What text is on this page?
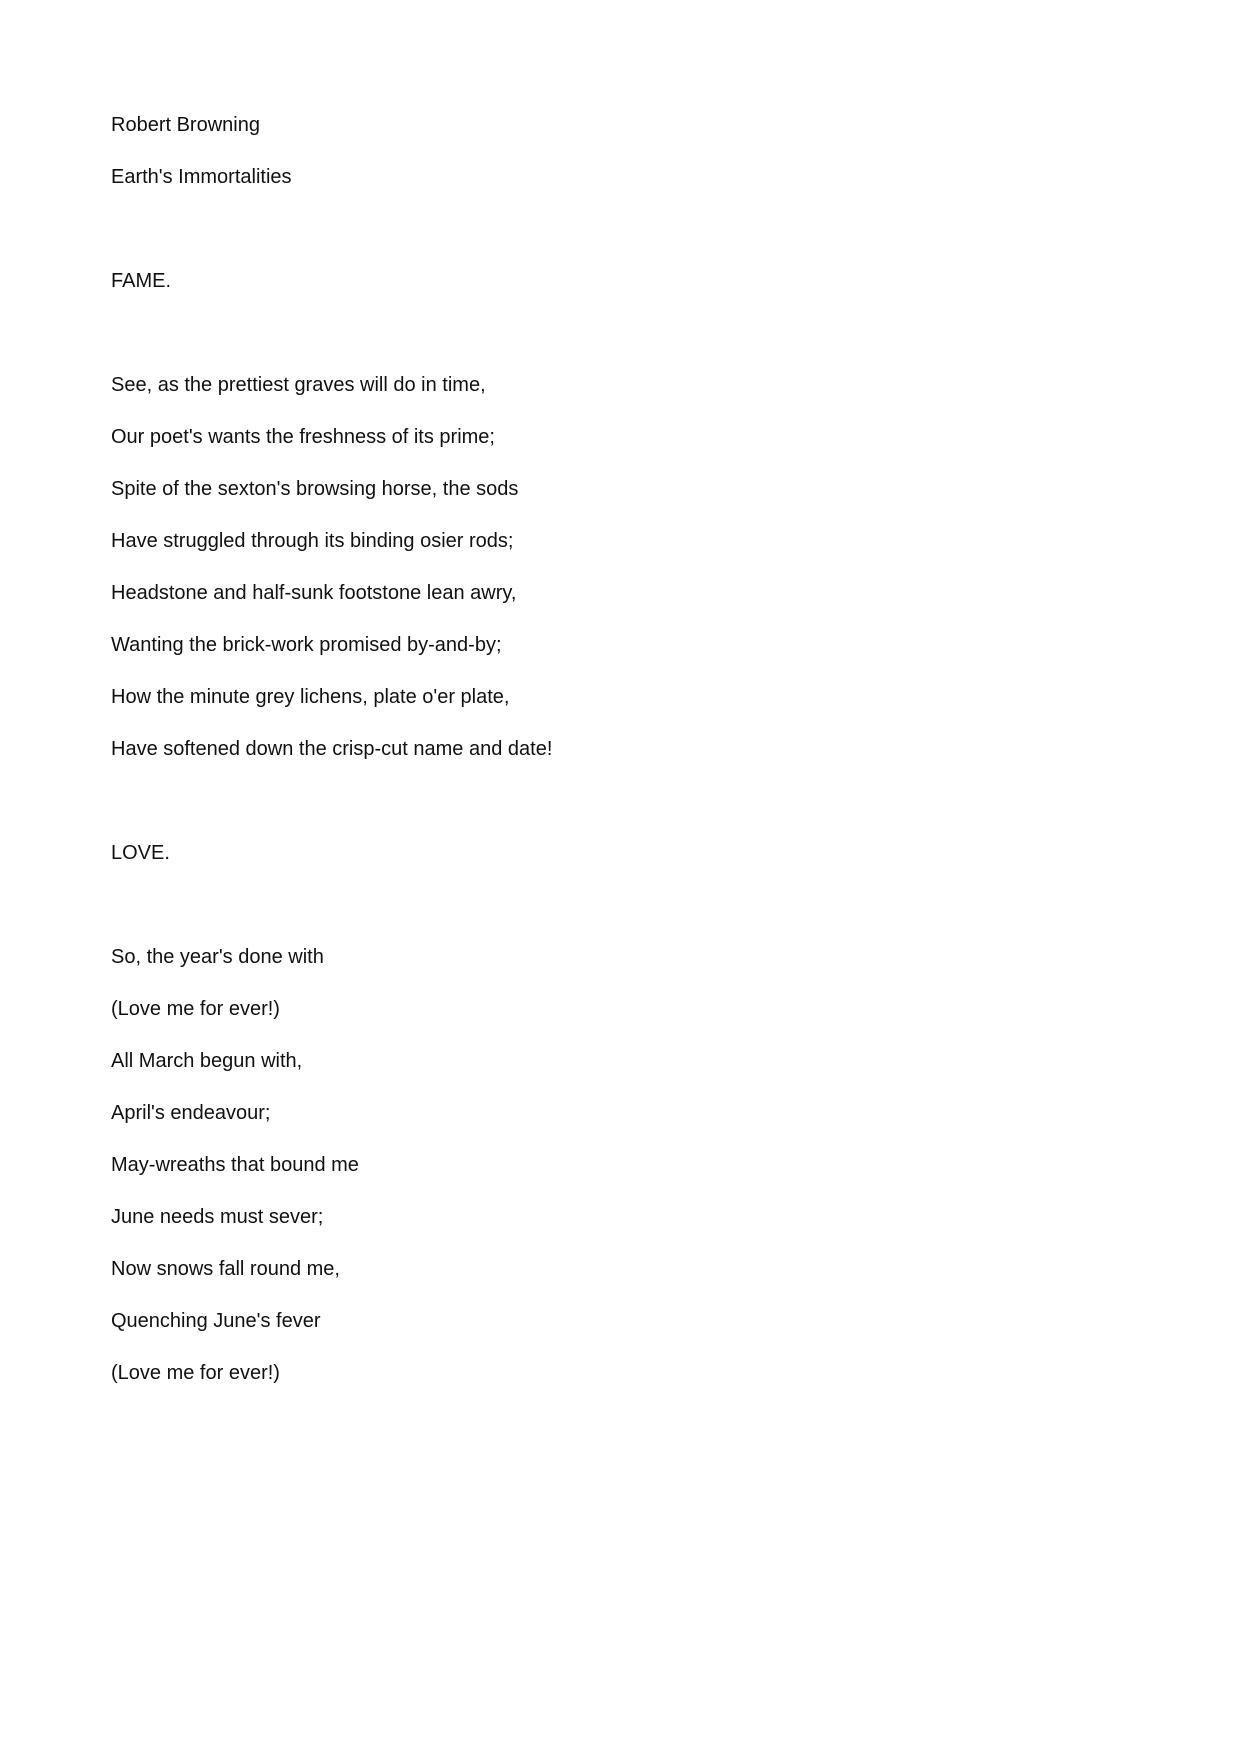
Robert Browning

Earth's Immortalities

FAME.

See, as the prettiest graves will do in time,

Our poet's wants the freshness of its prime;

Spite of the sexton's browsing horse, the sods

Have struggled through its binding osier rods;

Headstone and half-sunk footstone lean awry,

Wanting the brick-work promised by-and-by;

How the minute grey lichens, plate o'er plate,

Have softened down the crisp-cut name and date!

LOVE.

So, the year's done with

(Love me for ever!)

All March begun with,

April's endeavour;

May-wreaths that bound me

June needs must sever;

Now snows fall round me,

Quenching June's fever

(Love me for ever!)
